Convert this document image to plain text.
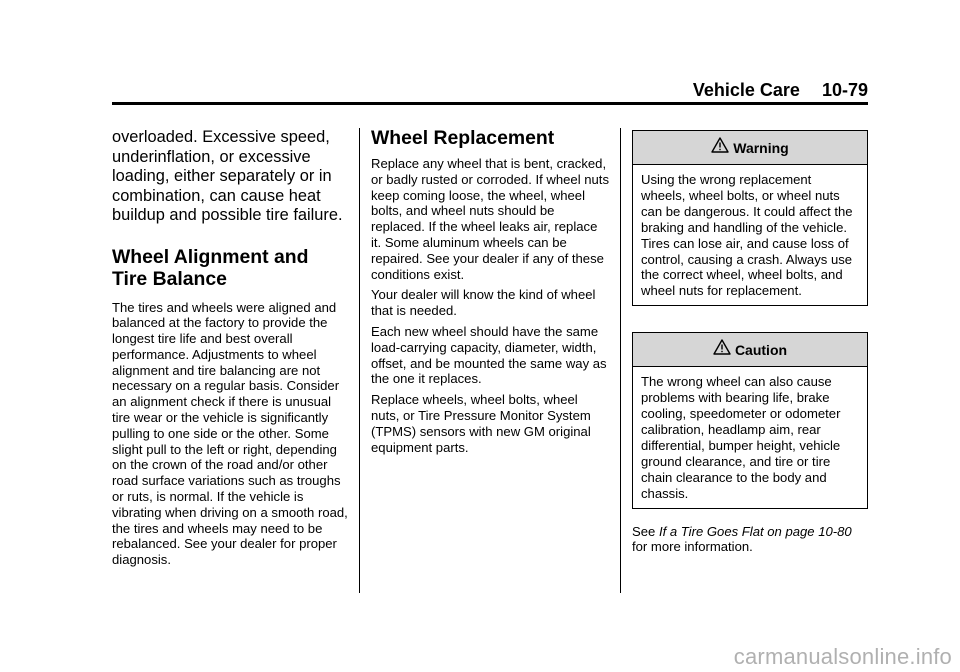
Vehicle Care 10-79

overloaded. Excessive speed, underinflation, or excessive loading, either separately or in combination, can cause heat buildup and possible tire failure.

Wheel Alignment and Tire Balance

The tires and wheels were aligned and balanced at the factory to provide the longest tire life and best overall performance. Adjustments to wheel alignment and tire balancing are not necessary on a regular basis. Consider an alignment check if there is unusual tire wear or the vehicle is significantly pulling to one side or the other. Some slight pull to the left or right, depending on the crown of the road and/or other road surface variations such as troughs or ruts, is normal. If the vehicle is vibrating when driving on a smooth road, the tires and wheels may need to be rebalanced. See your dealer for proper diagnosis.

Wheel Replacement

Replace any wheel that is bent, cracked, or badly rusted or corroded. If wheel nuts keep coming loose, the wheel, wheel bolts, and wheel nuts should be replaced. If the wheel leaks air, replace it. Some aluminum wheels can be repaired. See your dealer if any of these conditions exist.

Your dealer will know the kind of wheel that is needed.

Each new wheel should have the same load-carrying capacity, diameter, width, offset, and be mounted the same way as the one it replaces.

Replace wheels, wheel bolts, wheel nuts, or Tire Pressure Monitor System (TPMS) sensors with new GM original equipment parts.

Warning

Using the wrong replacement wheels, wheel bolts, or wheel nuts can be dangerous. It could affect the braking and handling of the vehicle. Tires can lose air, and cause loss of control, causing a crash. Always use the correct wheel, wheel bolts, and wheel nuts for replacement.

Caution

The wrong wheel can also cause problems with bearing life, brake cooling, speedometer or odometer calibration, headlamp aim, rear differential, bumper height, vehicle ground clearance, and tire or tire chain clearance to the body and chassis.

See If a Tire Goes Flat on page 10-80 for more information.
carmanualsonline.info
